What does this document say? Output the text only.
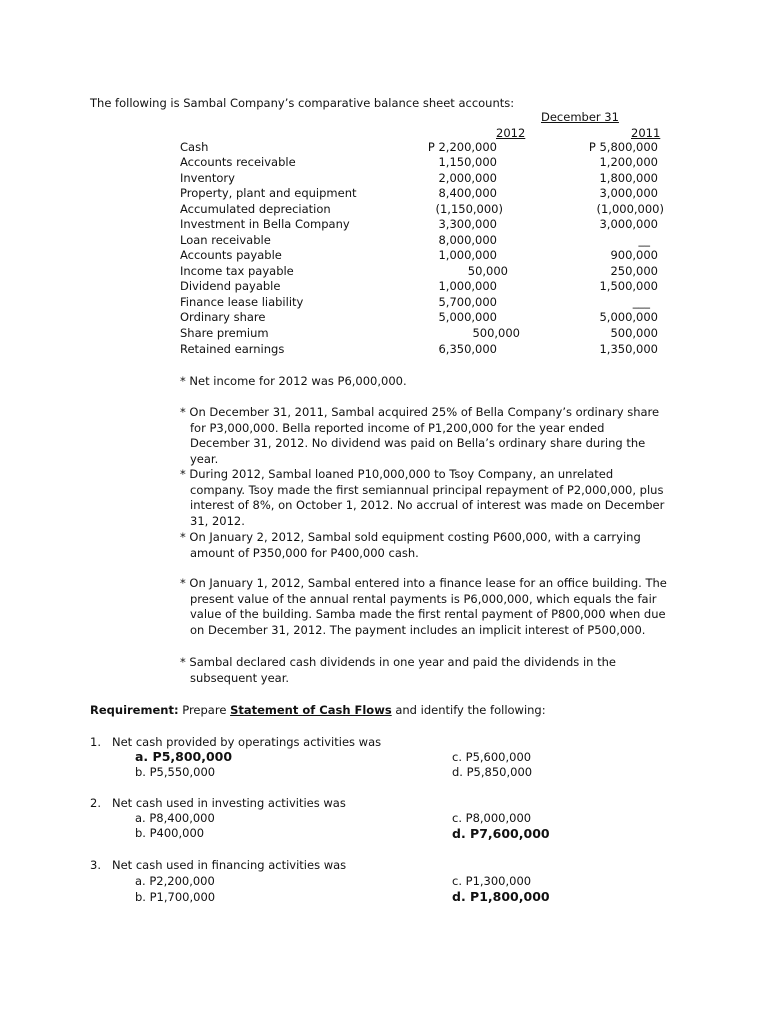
The following is Sambal Company’s comparative balance sheet accounts:
December 31
2012	2011
Cash	P 2,200,000	P 5,800,000
Accounts receivable	1,150,000	1,200,000
Inventory	2,000,000	1,800,000
Property, plant and equipment	8,400,000	3,000,000
Accumulated depreciation	(1,150,000)	(1,000,000)
Investment in Bella Company	3,300,000	3,000,000
Loan receivable	8,000,000	__
Accounts payable	1,000,000	900,000
Income tax payable	50,000	250,000
Dividend payable	1,000,000	1,500,000
Finance lease liability	5,700,000	___
Ordinary share	5,000,000	5,000,000
Share premium	500,000	500,000
Retained earnings	6,350,000	1,350,000
* Net income for 2012 was P6,000,000.
* On December 31, 2011, Sambal acquired 25% of Bella Company’s ordinary share for P3,000,000. Bella reported income of P1,200,000 for the year ended December 31, 2012. No dividend was paid on Bella’s ordinary share during the year.
* During 2012, Sambal loaned P10,000,000 to Tsoy Company, an unrelated company. Tsoy made the first semiannual principal repayment of P2,000,000, plus interest of 8%, on October 1, 2012. No accrual of interest was made on December 31, 2012.
* On January 2, 2012, Sambal sold equipment costing P600,000, with a carrying amount of P350,000 for P400,000 cash.
* On January 1, 2012, Sambal entered into a finance lease for an office building. The present value of the annual rental payments is P6,000,000, which equals the fair value of the building. Samba made the first rental payment of P800,000 when due on December 31, 2012. The payment includes an implicit interest of P500,000.
* Sambal declared cash dividends in one year and paid the dividends in the subsequent year.
Requirement: Prepare Statement of Cash Flows and identify the following:
1. Net cash provided by operatings activities was
a. P5,800,000
b. P5,550,000
c. P5,600,000
d. P5,850,000
2. Net cash used in investing activities was
a. P8,400,000
b. P400,000
c. P8,000,000
d. P7,600,000
3. Net cash used in financing activities was
a. P2,200,000
b. P1,700,000
c. P1,300,000
d. P1,800,000
